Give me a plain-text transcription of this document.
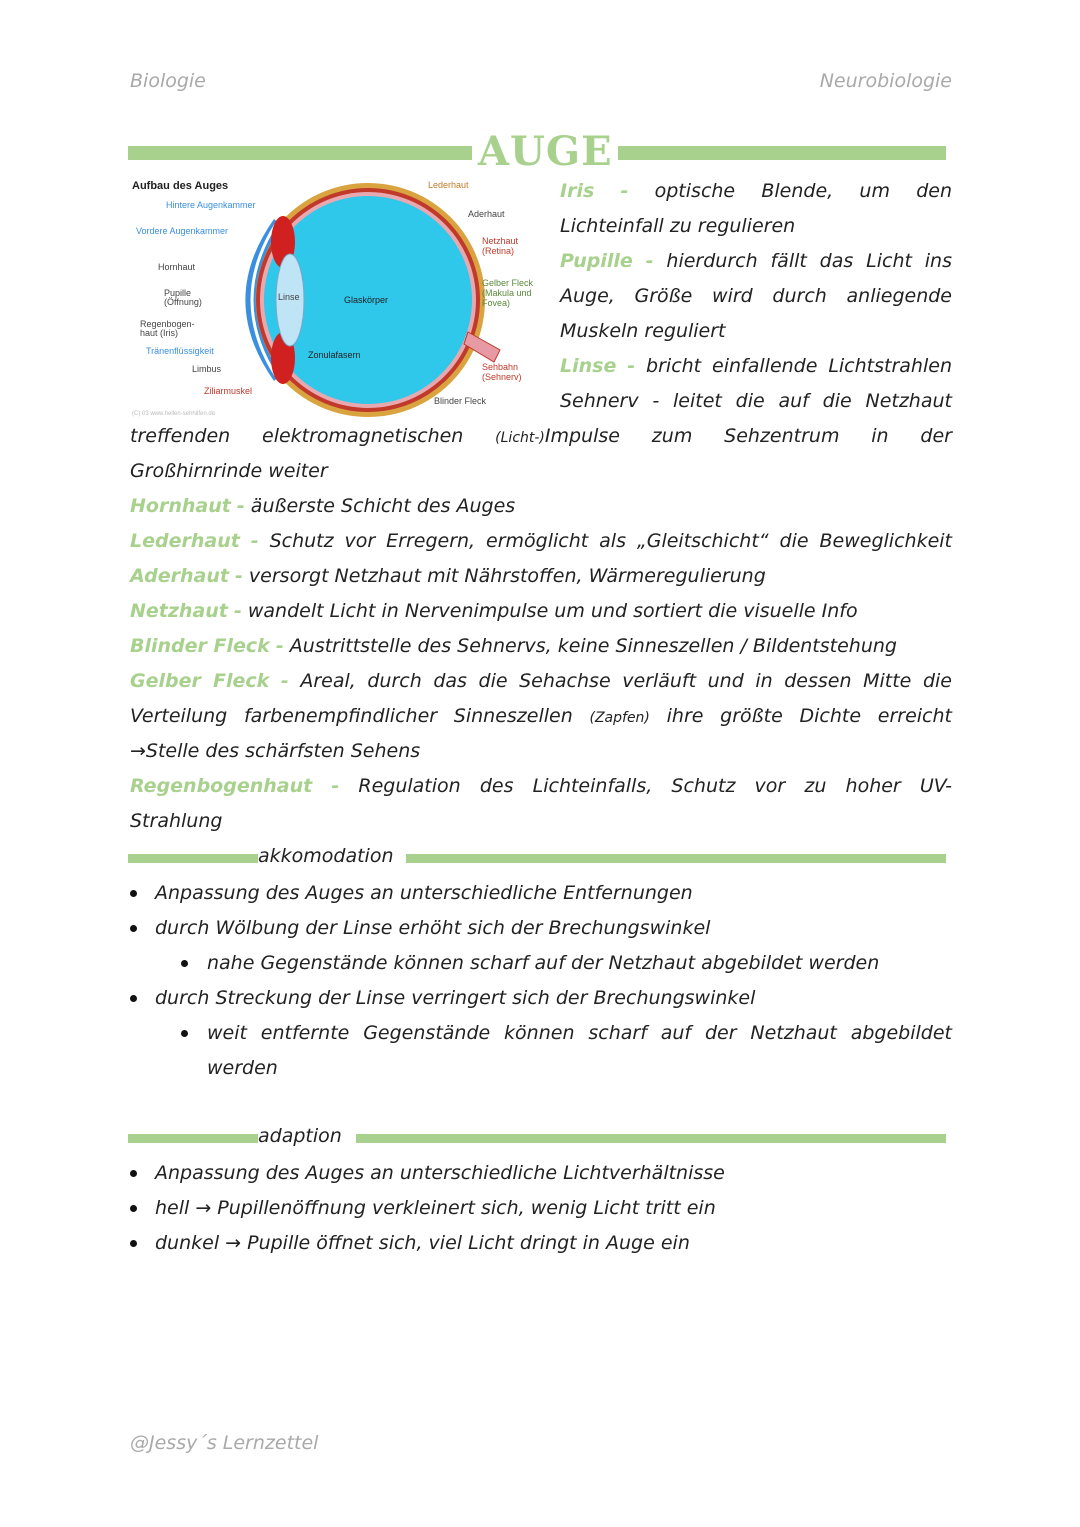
Biologie	Neurobiologie
AUGE
Aufbau des Auges
Hintere Augenkammer
Vordere Augenkammer
Hornhaut
Pupille
(Öffnung)
Regenbogen-
haut (Iris)
Tränenflüssigkeit
Limbus
Ziliarmuskel
Linse	Glaskörper
Zonulafasern
Lederhaut
Aderhaut
Netzhaut
(Retina)
Gelber Fleck
(Makula und
Fovea)
Sehbahn
(Sehnerv)
Blinder Fleck
(C) 03 www.hellen-sehhilfen.de
Iris - optische Blende, um den
Lichteinfall zu regulieren
Pupille - hierdurch fällt das Licht ins
Auge, Größe wird durch anliegende
Muskeln reguliert
Linse - bricht einfallende Lichtstrahlen
Sehnerv - leitet die auf die Netzhaut
treffenden elektromagnetischen (Licht-)Impulse zum Sehzentrum in der
Großhirnrinde weiter
Hornhaut - äußerste Schicht des Auges
Lederhaut - Schutz vor Erregern, ermöglicht als „Gleitschicht“ die Beweglichkeit
Aderhaut - versorgt Netzhaut mit Nährstoffen, Wärmeregulierung
Netzhaut - wandelt Licht in Nervenimpulse um und sortiert die visuelle Info
Blinder Fleck - Austrittstelle des Sehnervs, keine Sinneszellen / Bildentstehung
Gelber Fleck - Areal, durch das die Sehachse verläuft und in dessen Mitte die
Verteilung farbenempfindlicher Sinneszellen (Zapfen) ihre größte Dichte erreicht
→Stelle des schärfsten Sehens
Regenbogenhaut - Regulation des Lichteinfalls, Schutz vor zu hoher UV-
Strahlung
akkomodation
Anpassung des Auges an unterschiedliche Entfernungen
durch Wölbung der Linse erhöht sich der Brechungswinkel
nahe Gegenstände können scharf auf der Netzhaut abgebildet werden
durch Streckung der Linse verringert sich der Brechungswinkel
weit entfernte Gegenstände können scharf auf der Netzhaut abgebildet
werden
adaption
Anpassung des Auges an unterschiedliche Lichtverhältnisse
hell → Pupillenöffnung verkleinert sich, wenig Licht tritt ein
dunkel → Pupille öffnet sich, viel Licht dringt in Auge ein
@Jessy´s Lernzettel
